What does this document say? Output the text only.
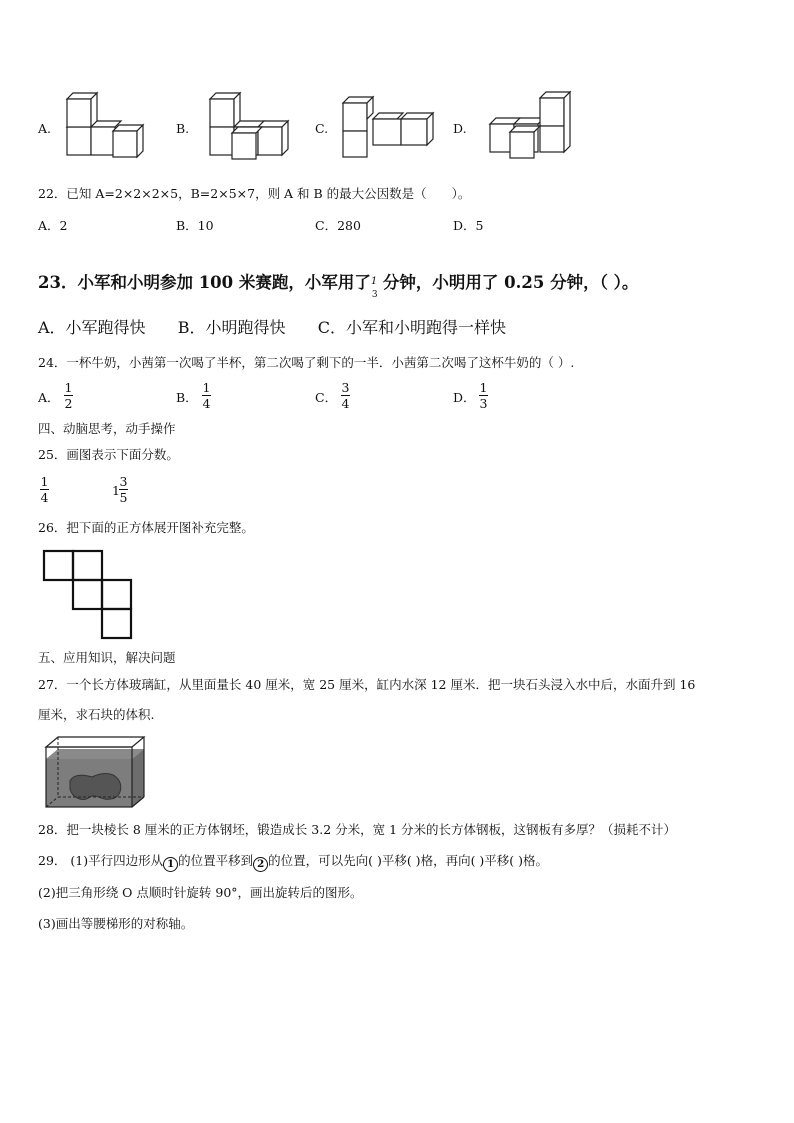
A.	B.	C.	D.
22．已知 A=2×2×2×5，B=2×5×7，则 A 和 B 的最大公因数是（　　）。
A．2	B．10	C．280	D．5
23．小军和小明参加 100 米赛跑，小军用了 1
3
分钟，小明用了 0.25 分钟，（ ）。
A．小军跑得快 B．小明跑得快 C．小军和小明跑得一样快
24．一杯牛奶，小茜第一次喝了半杯，第二次喝了剩下的一半．小茜第二次喝了这杯牛奶的（ ）.
A．
1
2	B．
1
4	C．
3
4	D．
1
3
四、动脑思考，动手操作
25．画图表示下面分数。
1
4	1
3
5
26．把下面的正方体展开图补充完整。
五、应用知识，解决问题
27．一个长方体玻璃缸，从里面量长 40 厘米，宽 25 厘米，缸内水深 12 厘米．把一块石头浸入水中后，水面升到 16
厘米，求石块的体积.
28．把一块棱长 8 厘米的正方体钢坯，锻造成长 3.2 分米，宽 1 分米的长方体钢板，这钢板有多厚？（损耗不计）
29． (1)平行四边形从 1 的位置平移到 2 的位置，可以先向( )平移( )格，再向( )平移( )格。
(2)把三角形绕 O 点顺时针旋转 90°，画出旋转后的图形。
(3)画出等腰梯形的对称轴。
